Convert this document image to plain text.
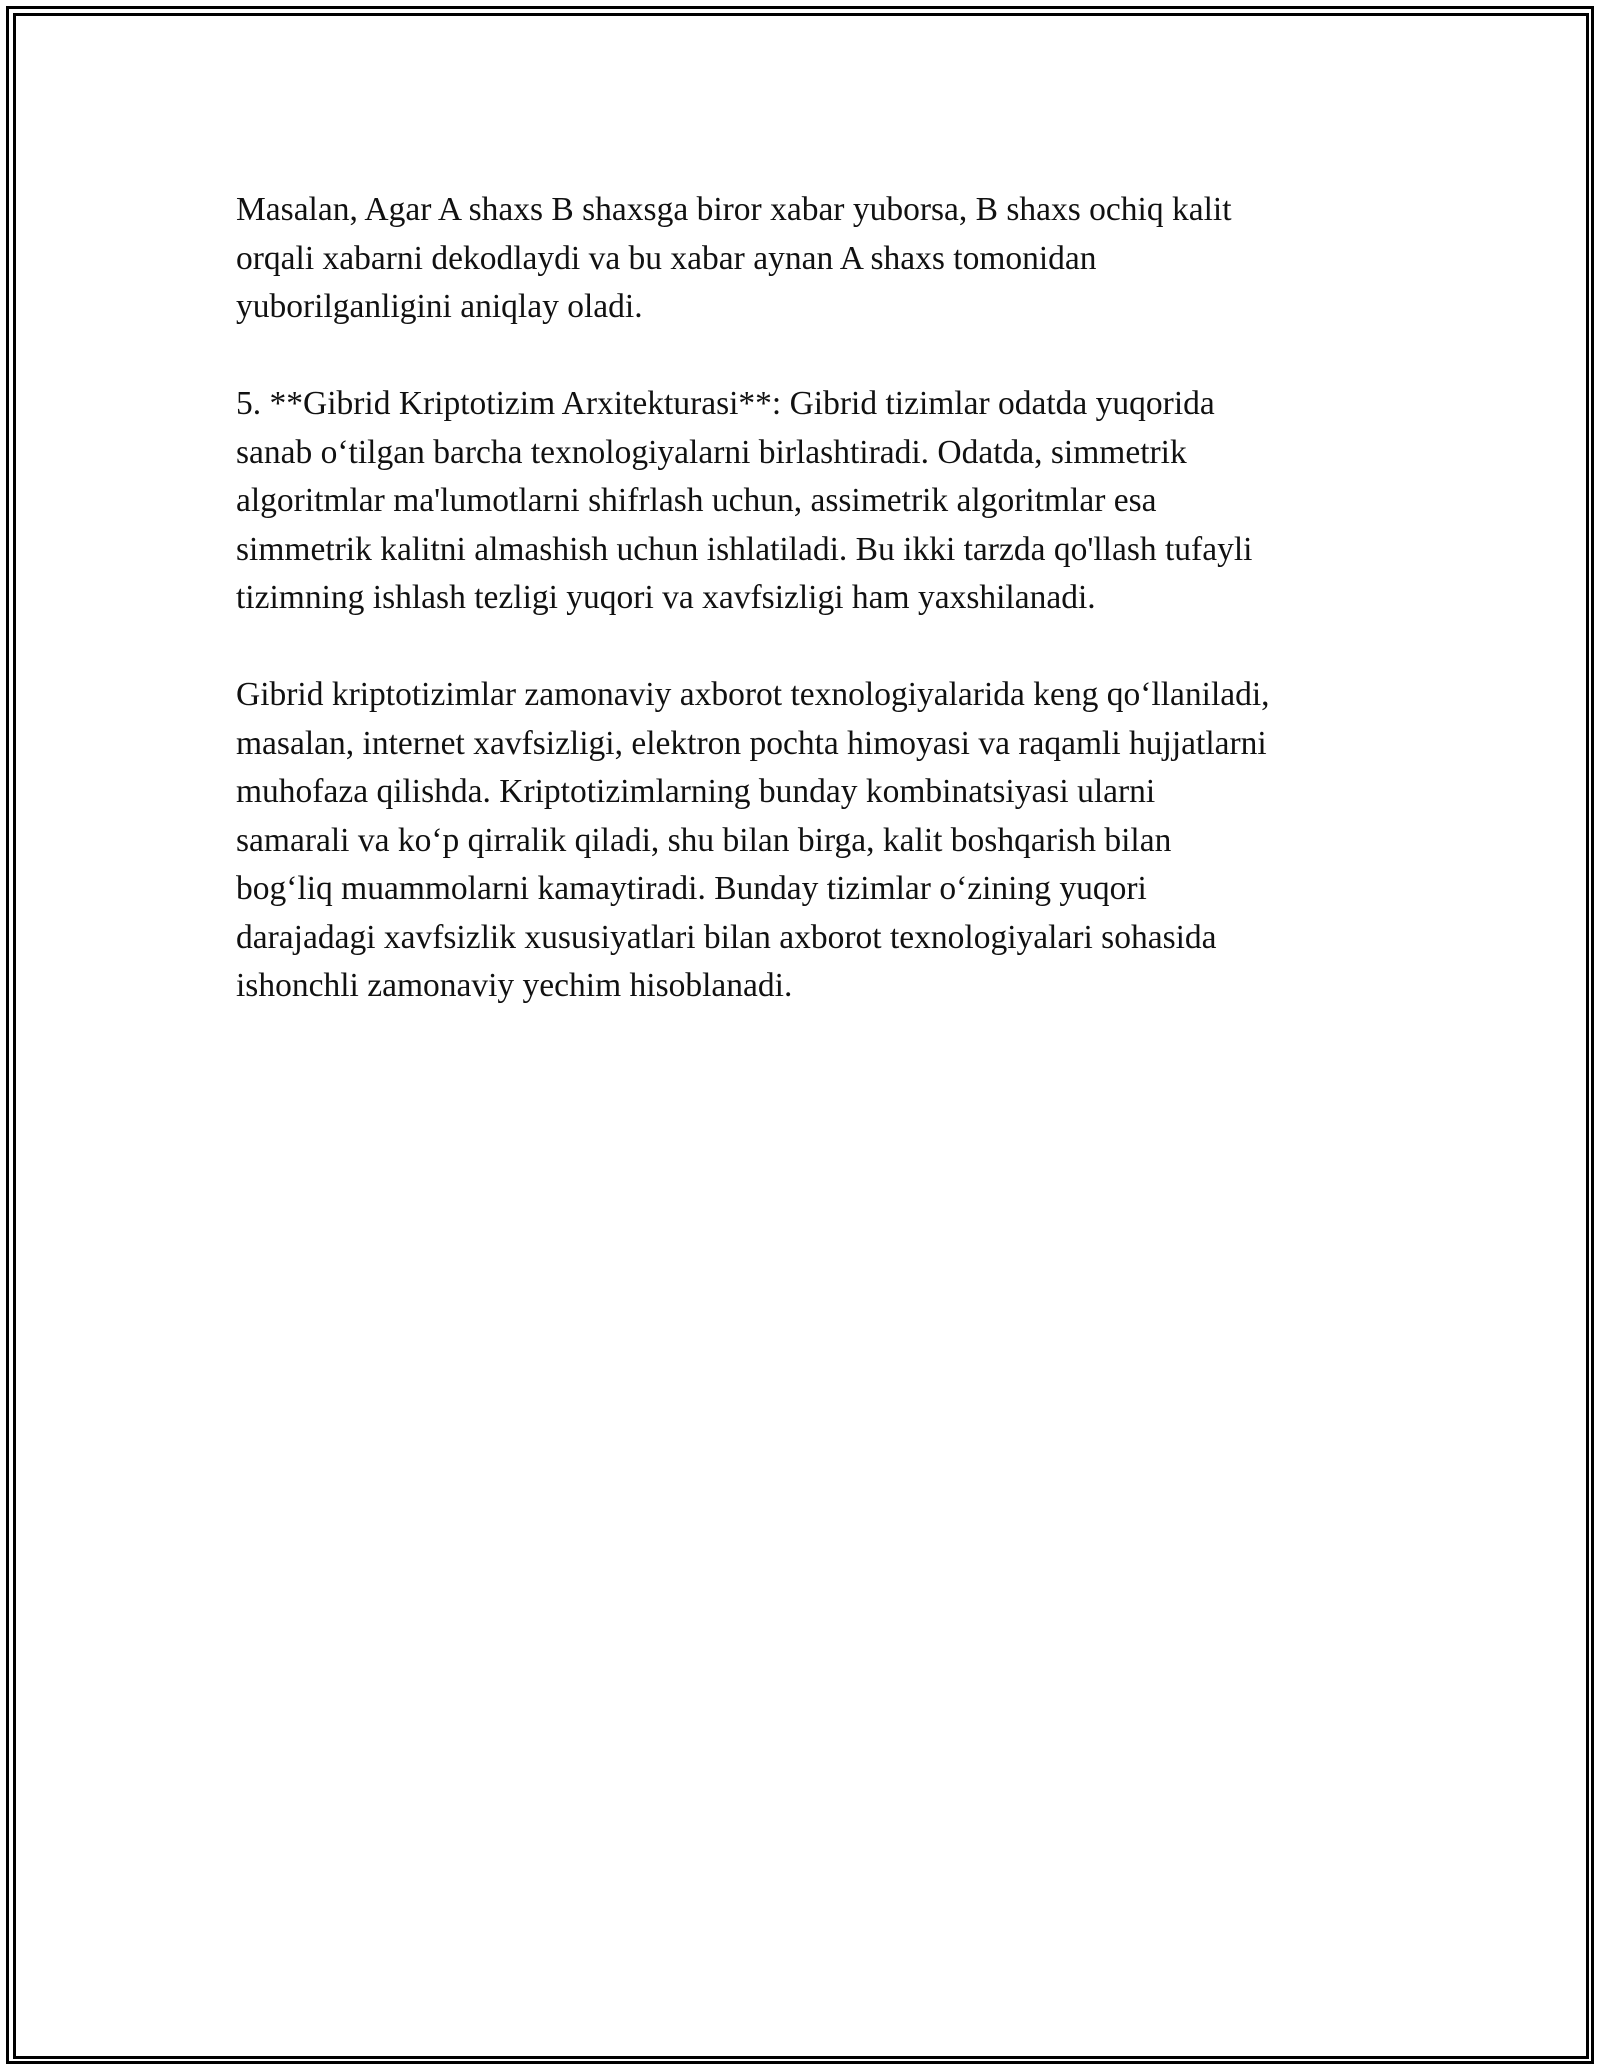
Masalan, Agar A shaxs B shaxsga biror xabar yuborsa, B shaxs ochiq kalit
orqali xabarni dekodlaydi va bu xabar aynan A shaxs tomonidan
yuborilganligini aniqlay oladi.
5. **Gibrid Kriptotizim Arxitekturasi**: Gibrid tizimlar odatda yuqorida
sanab oʻtilgan barcha texnologiyalarni birlashtiradi. Odatda, simmetrik
algoritmlar ma'lumotlarni shifrlash uchun, assimetrik algoritmlar esa
simmetrik kalitni almashish uchun ishlatiladi. Bu ikki tarzda qo'llash tufayli
tizimning ishlash tezligi yuqori va xavfsizligi ham yaxshilanadi.
Gibrid kriptotizimlar zamonaviy axborot texnologiyalarida keng qoʻllaniladi,
masalan, internet xavfsizligi, elektron pochta himoyasi va raqamli hujjatlarni
muhofaza qilishda. Kriptotizimlarning bunday kombinatsiyasi ularni
samarali va koʻp qirralik qiladi, shu bilan birga, kalit boshqarish bilan
bogʻliq muammolarni kamaytiradi. Bunday tizimlar oʻzining yuqori
darajadagi xavfsizlik xususiyatlari bilan axborot texnologiyalari sohasida
ishonchli zamonaviy yechim hisoblanadi.
